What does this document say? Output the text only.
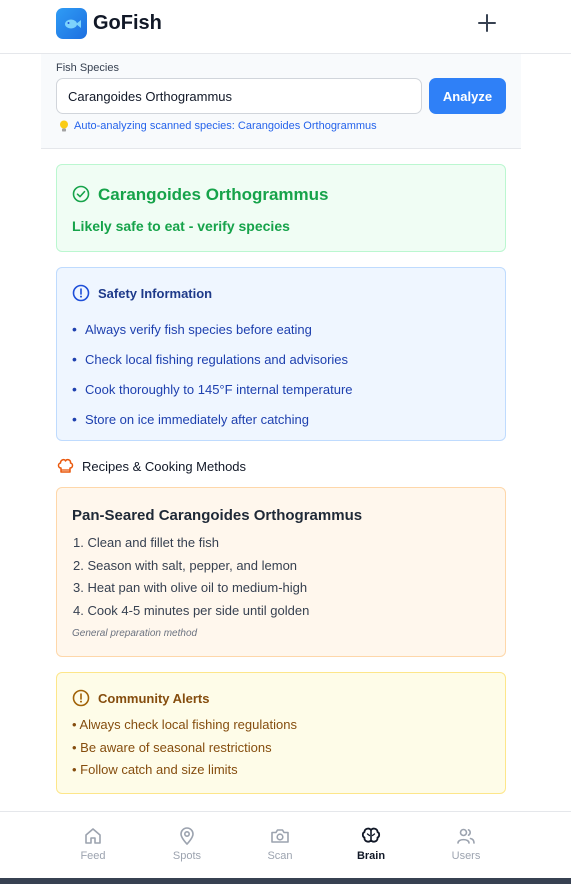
GoFish
Fish Species
Carangoides Orthogrammus
Analyze
Auto-analyzing scanned species: Carangoides Orthogrammus
Carangoides Orthogrammus
Likely safe to eat - verify species
Safety Information
• Always verify fish species before eating
• Check local fishing regulations and advisories
• Cook thoroughly to 145°F internal temperature
• Store on ice immediately after catching
Recipes & Cooking Methods
Pan-Seared Carangoides Orthogrammus
1. Clean and fillet the fish
2. Season with salt, pepper, and lemon
3. Heat pan with olive oil to medium-high
4. Cook 4-5 minutes per side until golden
General preparation method
Community Alerts
• Always check local fishing regulations
• Be aware of seasonal restrictions
• Follow catch and size limits
Feed	Spots	Scan	Brain	Users
